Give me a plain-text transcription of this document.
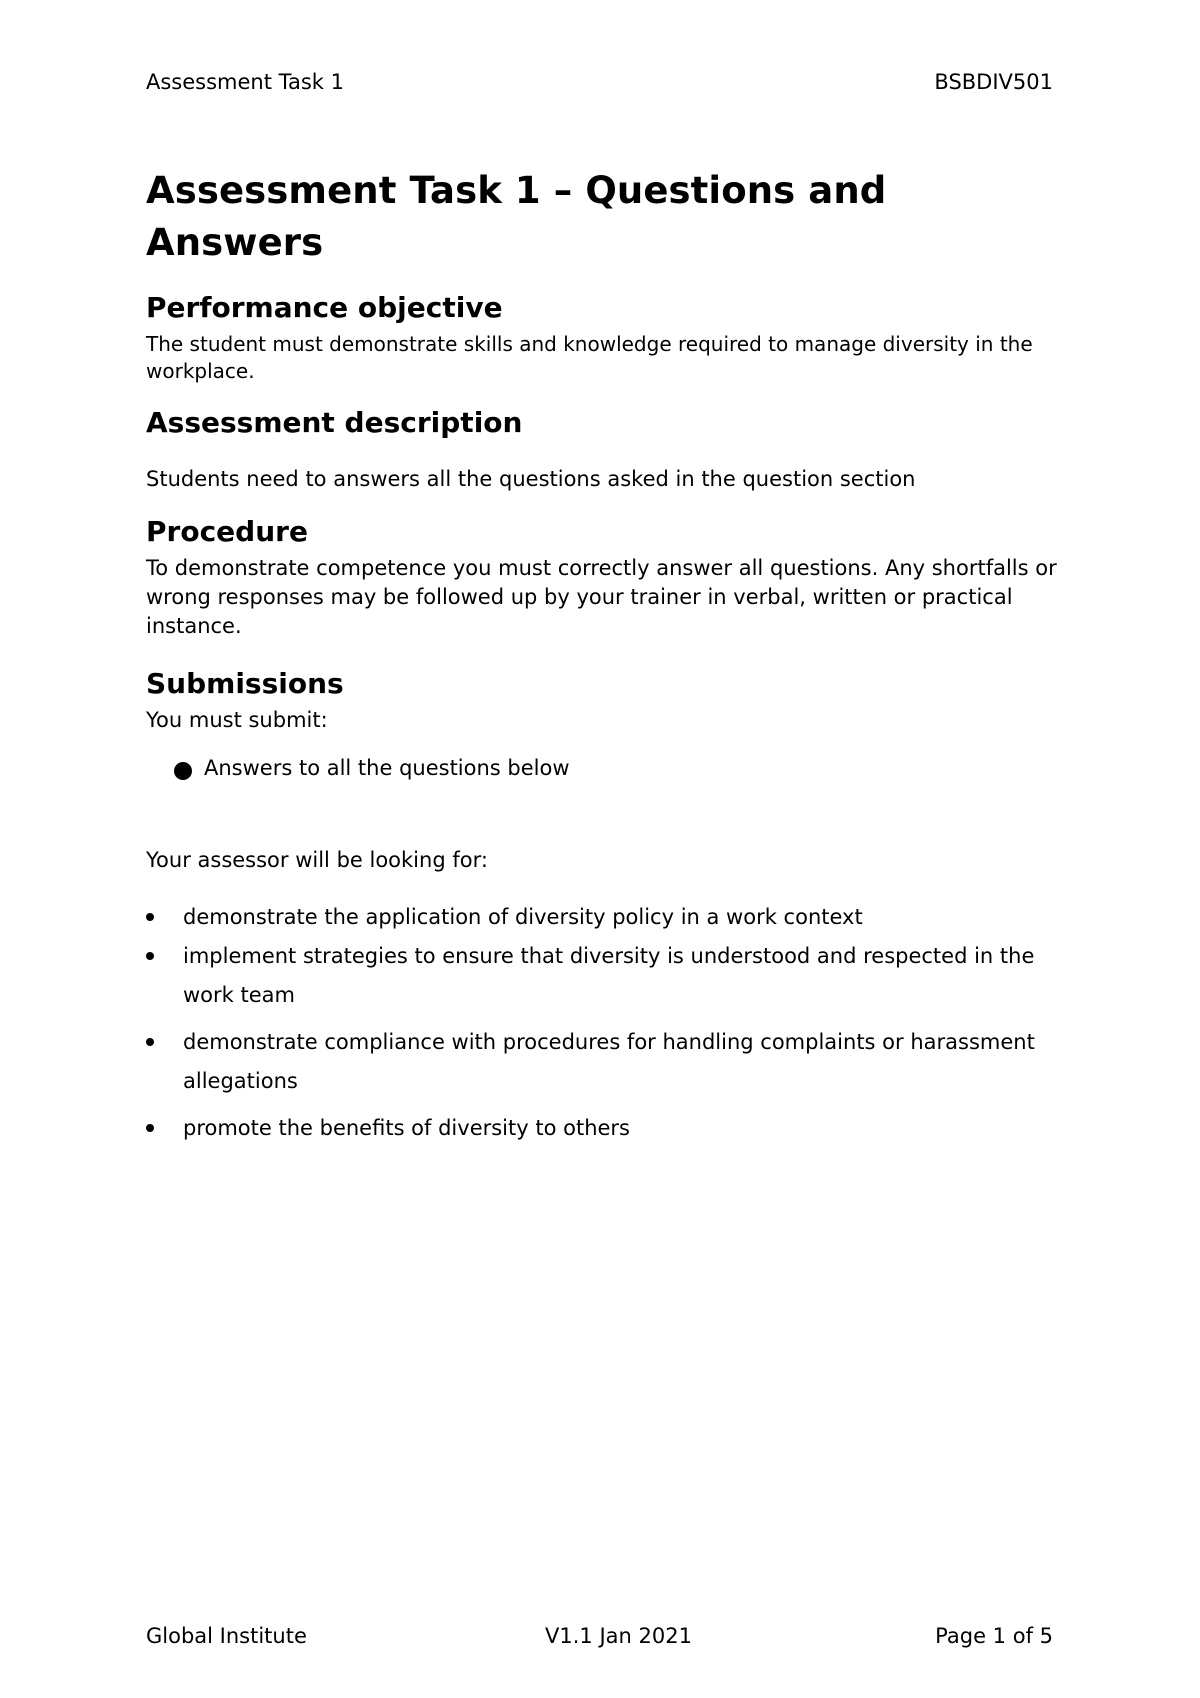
Assessment Task 1	BSBDIV501
Assessment Task 1 – Questions and Answers
Performance objective

The student must demonstrate skills and knowledge required to manage diversity in the workplace.

Assessment description

Students need to answers all the questions asked in the question section

Procedure

To demonstrate competence you must correctly answer all questions. Any shortfalls or wrong responses may be followed up by your trainer in verbal, written or practical instance.

Submissions

You must submit:

Answers to all the questions below

Your assessor will be looking for:

demonstrate the application of diversity policy in a work context
implement strategies to ensure that diversity is understood and respected in the work team
demonstrate compliance with procedures for handling complaints or harassment allegations
promote the benefits of diversity to others
Global Institute	V1.1 Jan 2021	Page 1 of 5
